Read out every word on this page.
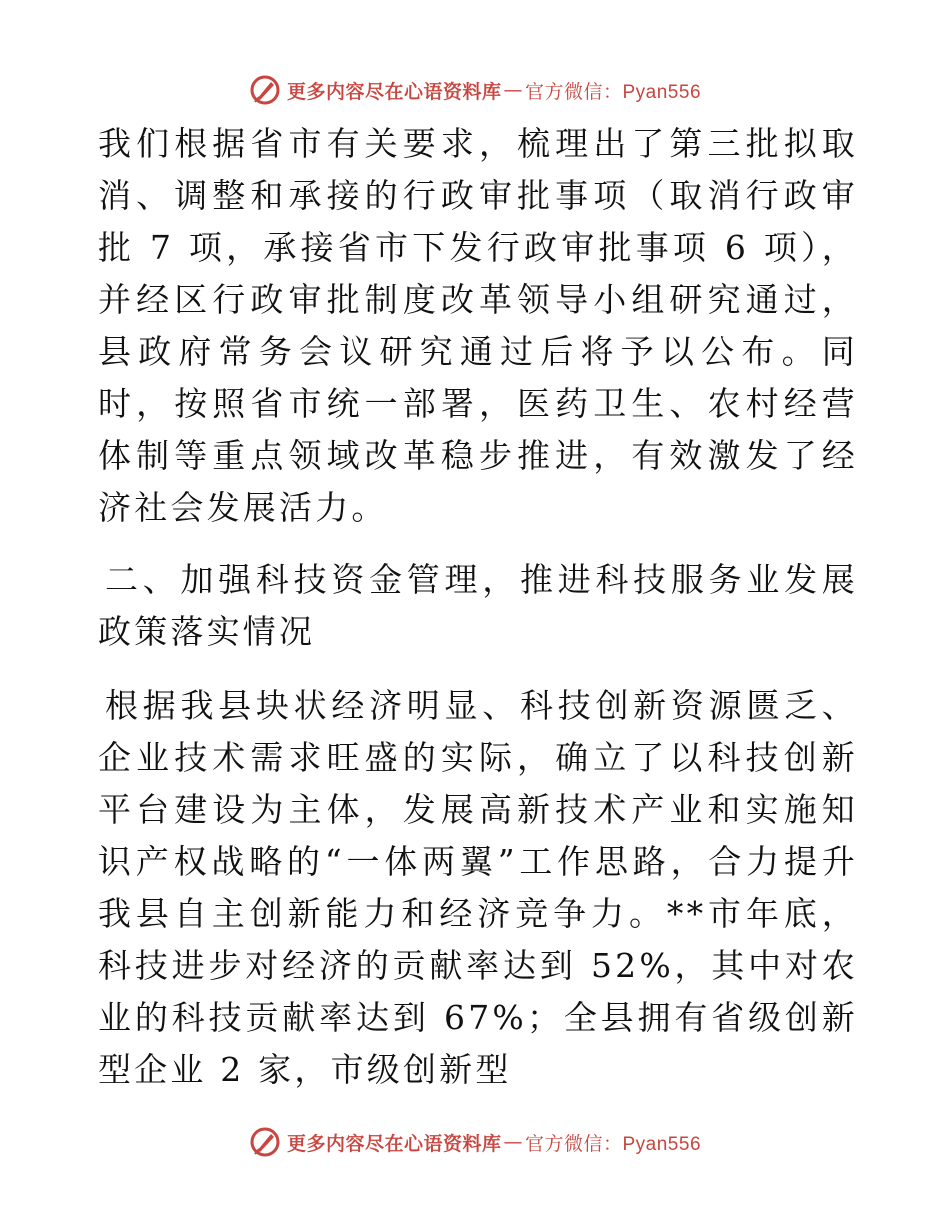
更多内容尽在心语资料库 — 官方微信：Pyan556

我们根据省市有关要求，梳理出了第三批拟取消、调整和承接的行政审批事项（取消行政审批 7 项，承接省市下发行政审批事项 6 项），并经区行政审批制度改革领导小组研究通过，县政府常务会议研究通过后将予以公布。同时，按照省市统一部署，医药卫生、农村经营体制等重点领域改革稳步推进，有效激发了经济社会发展活力。

二、加强科技资金管理，推进科技服务业发展政策落实情况

根据我县块状经济明显、科技创新资源匮乏、企业技术需求旺盛的实际，确立了以科技创新平台建设为主体，发展高新技术产业和实施知识产权战略的“一体两翼”工作思路，合力提升我县自主创新能力和经济竞争力。**市年底，科技进步对经济的贡献率达到 52%，其中对农业的科技贡献率达到 67%；全县拥有省级创新型企业 2 家，市级创新型

更多内容尽在心语资料库 — 官方微信：Pyan556
